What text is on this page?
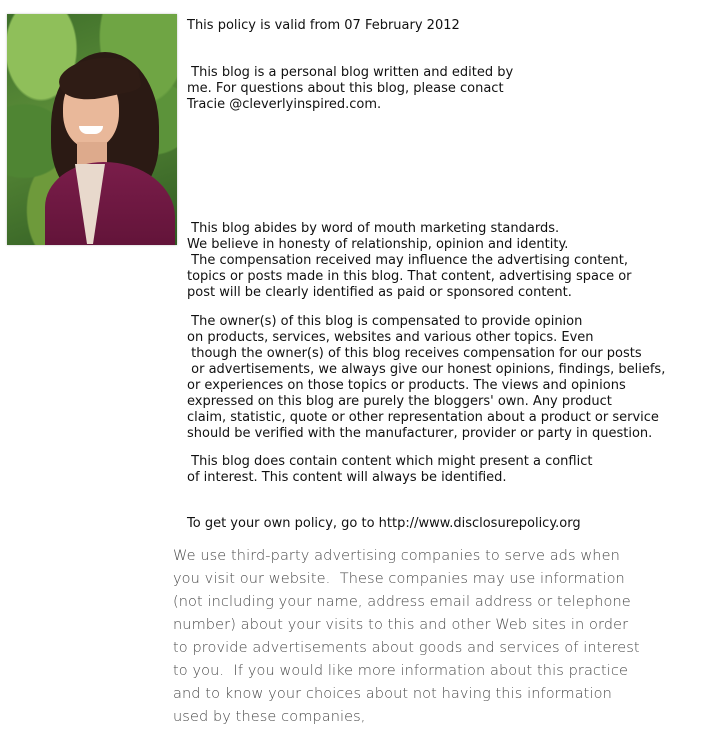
This policy is valid from 07 February 2012

This blog is a personal blog written and edited by
me. For questions about this blog, please conact
Tracie @cleverlyinspired.com.
This blog abides by word of mouth marketing standards.
We believe in honesty of relationship, opinion and identity.
The compensation received may influence the advertising content,
topics or posts made in this blog. That content, advertising space or
post will be clearly identified as paid or sponsored content.
The owner(s) of this blog is compensated to provide opinion
on products, services, websites and various other topics. Even
though the owner(s) of this blog receives compensation for our posts
or advertisements, we always give our honest opinions, findings, beliefs,
or experiences on those topics or products. The views and opinions
expressed on this blog are purely the bloggers' own. Any product
claim, statistic, quote or other representation about a product or service
should be verified with the manufacturer, provider or party in question.
This blog does contain content which might present a conflict
of interest. This content will always be identified.

To get your own policy, go to http://www.disclosurepolicy.org

We use third-party advertising companies to serve ads when
you visit our website.  These companies may use information
(not including your name, address email address or telephone
number) about your visits to this and other Web sites in order
to provide advertisements about goods and services of interest
to you.  If you would like more information about this practice
and to know your choices about not having this information
used by these companies,
